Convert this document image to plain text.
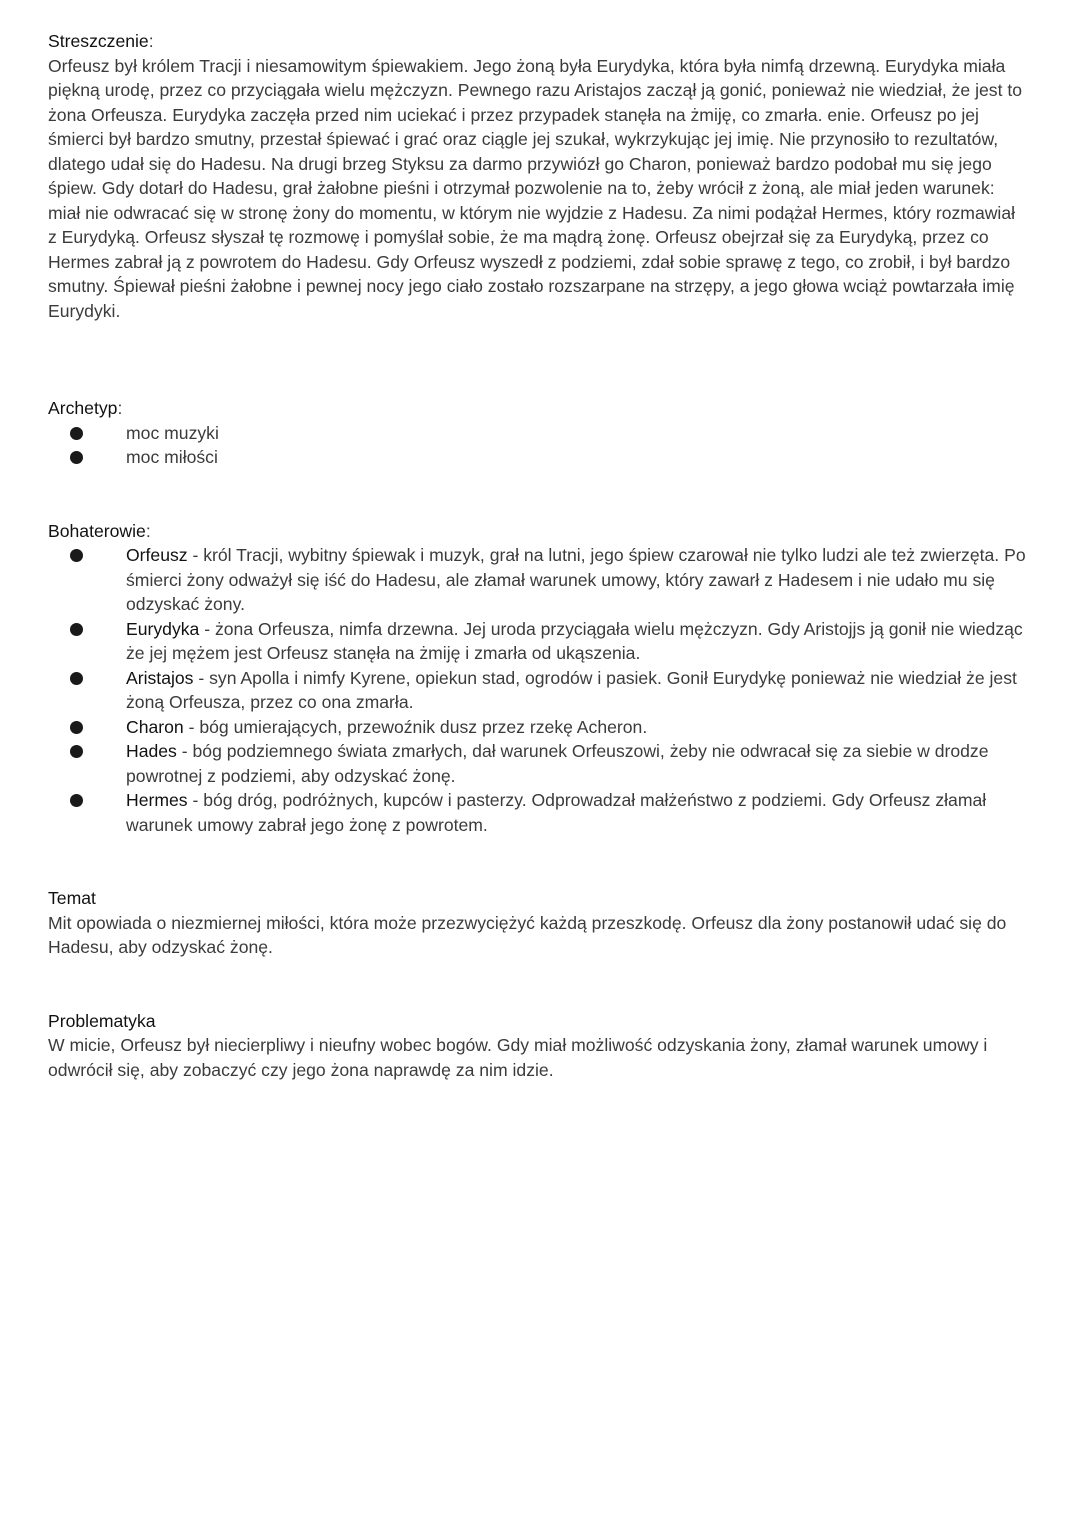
Streszczenie:

Orfeusz był królem Tracji i niesamowitym śpiewakiem. Jego żoną była Eurydyka, która była nimfą drzewną. Eurydyka miała piękną urodę, przez co przyciągała wielu mężczyzn. Pewnego razu Aristajos zaczął ją gonić, ponieważ nie wiedział, że jest to żona Orfeusza. Eurydyka zaczęła przed nim uciekać i przez przypadek stanęła na żmiję, co zmarła. enie. Orfeusz po jej śmierci był bardzo smutny, przestał śpiewać i grać oraz ciągle jej szukał, wykrzykując jej imię. Nie przynosiło to rezultatów, dlatego udał się do Hadesu. Na drugi brzeg Styksu za darmo przywiózł go Charon, ponieważ bardzo podobał mu się jego śpiew. Gdy dotarł do Hadesu, grał żałobne pieśni i otrzymał pozwolenie na to, żeby wrócił z żoną, ale miał jeden warunek: miał nie odwracać się w stronę żony do momentu, w którym nie wyjdzie z Hadesu. Za nimi podążał Hermes, który rozmawiał z Eurydyką. Orfeusz słyszał tę rozmowę i pomyślał sobie, że ma mądrą żonę. Orfeusz obejrzał się za Eurydyką, przez co Hermes zabrał ją z powrotem do Hadesu. Gdy Orfeusz wyszedł z podziemi, zdał sobie sprawę z tego, co zrobił, i był bardzo smutny. Śpiewał pieśni żałobne i pewnej nocy jego ciało zostało rozszarpane na strzępy, a jego głowa wciąż powtarzała imię Eurydyki.

Archetyp:
moc muzyki
moc miłości
Bohaterowie:
Orfeusz - król Tracji, wybitny śpiewak i muzyk, grał na lutni, jego śpiew czarował nie tylko ludzi ale też zwierzęta. Po śmierci żony odważył się iść do Hadesu, ale złamał warunek umowy, który zawarł z Hadesem i nie udało mu się odzyskać żony.
Eurydyka - żona Orfeusza, nimfa drzewna. Jej uroda przyciągała wielu mężczyzn. Gdy Aristojjs ją gonił nie wiedząc że jej mężem jest Orfeusz stanęła na żmiję i zmarła od ukąszenia.
Aristajos - syn Apolla i nimfy Kyrene, opiekun stad, ogrodów i pasiek. Gonił Eurydykę ponieważ nie wiedział że jest żoną Orfeusza, przez co ona zmarła.
Charon - bóg umierających, przewoźnik dusz przez rzekę Acheron.
Hades - bóg podziemnego świata zmarłych, dał warunek Orfeuszowi, żeby nie odwracał się za siebie w drodze powrotnej z podziemi, aby odzyskać żonę.
Hermes - bóg dróg, podróżnych, kupców i pasterzy. Odprowadzał małżeństwo z podziemi. Gdy Orfeusz złamał warunek umowy zabrał jego żonę z powrotem.
Temat

Mit opowiada o niezmiernej miłości, która może przezwyciężyć każdą przeszkodę. Orfeusz dla żony postanowił udać się do Hadesu, aby odzyskać żonę.

Problematyka

W micie, Orfeusz był niecierpliwy i nieufny wobec bogów. Gdy miał możliwość odzyskania żony, złamał warunek umowy i odwrócił się, aby zobaczyć czy jego żona naprawdę za nim idzie.
